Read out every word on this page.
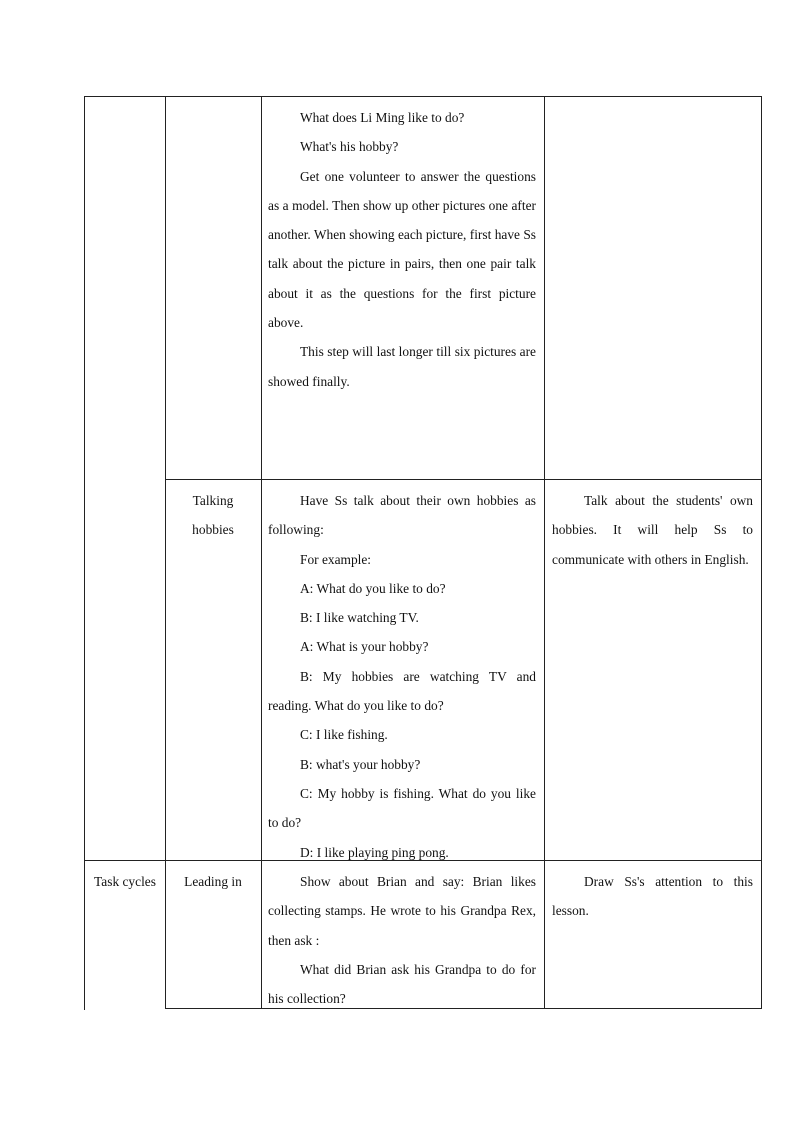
What does Li Ming like to do?

What's his hobby?

Get one volunteer to answer the questions as a model. Then show up other pictures one after another. When showing each picture, first have Ss talk about the picture in pairs, then one pair talk about it as the questions for the first picture above.

This step will last longer till six pictures are showed finally.

Talking hobbies

Have Ss talk about their own hobbies as following:

For example:

A: What do you like to do?

B: I like watching TV.

A: What is your hobby?

B: My hobbies are watching TV and reading. What do you like to do?

C: I like fishing.

B: what's your hobby?

C: My hobby is fishing. What do you like to do?

D: I like playing ping pong.

Talk about the students' own hobbies. It will help Ss to communicate with others in English.

Task cycles	Leading in	Show about Brian and say: Brian likes collecting stamps. He wrote to his Grandpa Rex, then ask :

What did Brian ask his Grandpa to do for his collection?

Draw Ss's attention to this lesson.
